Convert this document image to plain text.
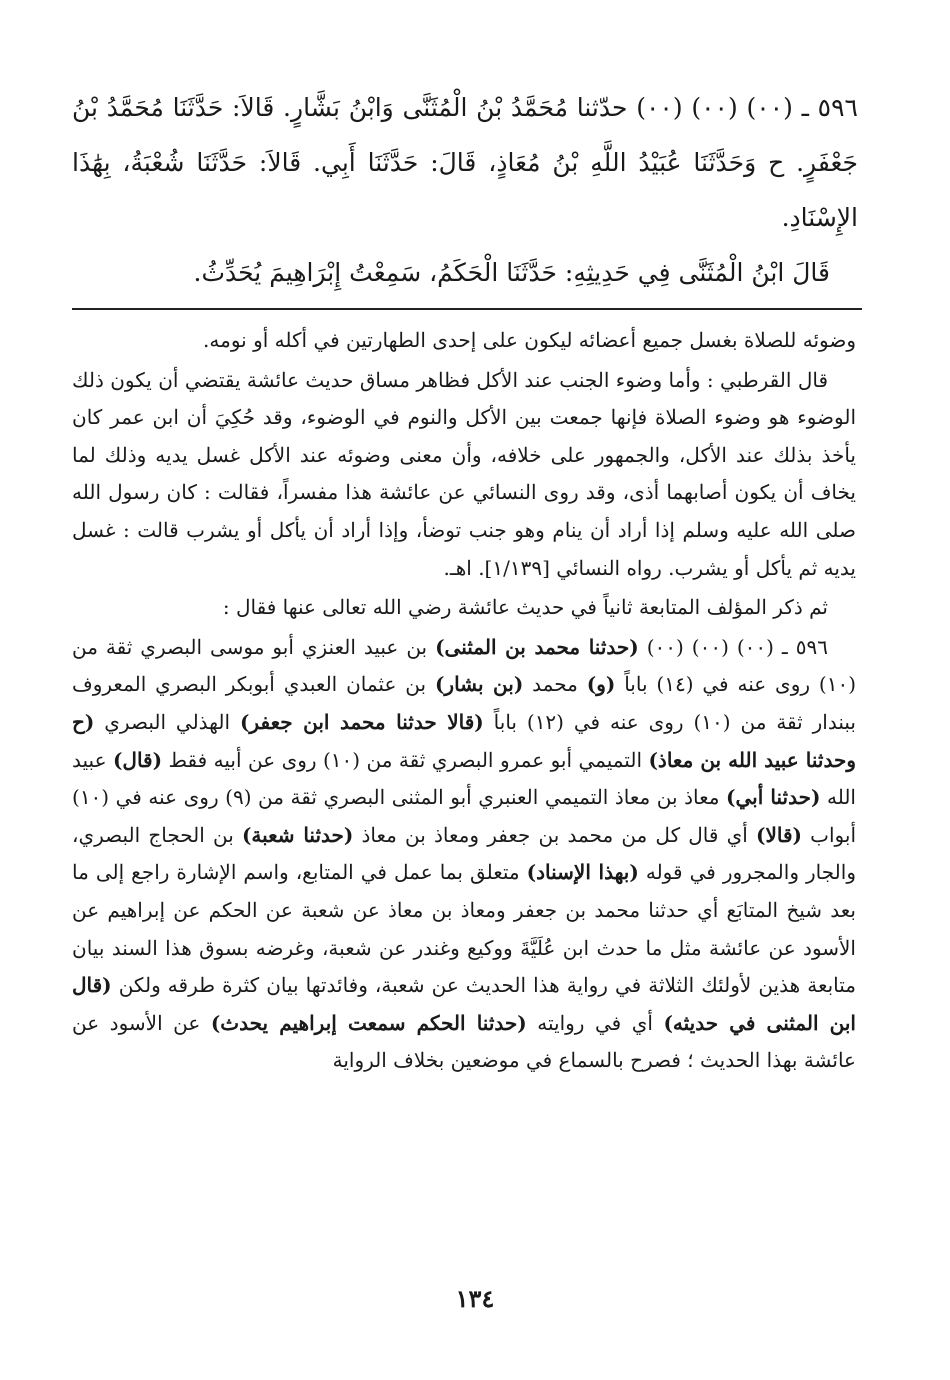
٥٩٦ ـ (٠٠) (٠٠) (٠٠) حدّثنا مُحَمَّدُ بْنُ الْمُثَنَّى وَابْنُ بَشَّارٍ. قَالاَ: حَدَّثَنَا مُحَمَّدُ بْنُ جَعْفَرٍ. ح وَحَدَّثَنَا عُبَيْدُ اللَّهِ بْنُ مُعَاذٍ، قَالَ: حَدَّثَنَا أَبِي. قَالاَ: حَدَّثَنَا شُعْبَةُ، بِهَٰذَا الإِسْنَادِ.

قَالَ ابْنُ الْمُثَنَّى فِي حَدِيثِهِ: حَدَّثَنَا الْحَكَمُ، سَمِعْتُ إِبْرَاهِيمَ يُحَدِّثُ.

وضوئه للصلاة بغسل جميع أعضائه ليكون على إحدى الطهارتين في أكله أو نومه.

قال القرطبي : وأما وضوء الجنب عند الأكل فظاهر مساق حديث عائشة يقتضي أن يكون ذلك الوضوء هو وضوء الصلاة فإنها جمعت بين الأكل والنوم في الوضوء، وقد حُكِيَ أن ابن عمر كان يأخذ بذلك عند الأكل، والجمهور على خلافه، وأن معنى وضوئه عند الأكل غسل يديه وذلك لما يخاف أن يكون أصابهما أذى، وقد روى النسائي عن عائشة هذا مفسراً، فقالت : كان رسول الله صلى الله عليه وسلم إذا أراد أن ينام وهو جنب توضأ، وإذا أراد أن يأكل أو يشرب قالت : غسل يديه ثم يأكل أو يشرب. رواه النسائي [١/١٣٩]. اهـ.

ثم ذكر المؤلف المتابعة ثانياً في حديث عائشة رضي الله تعالى عنها فقال :

٥٩٦ ـ (٠٠) (٠٠) (٠٠) (حدثنا محمد بن المثنى) بن عبيد العنزي أبو موسى البصري ثقة من (١٠) روى عنه في (١٤) باباً (و) محمد (بن بشار) بن عثمان العبدي أبوبكر البصري المعروف ببندار ثقة من (١٠) روى عنه في (١٢) باباً (قالا حدثنا محمد ابن جعفر) الهذلي البصري (ح وحدثنا عبيد الله بن معاذ) التميمي أبو عمرو البصري ثقة من (١٠) روى عن أبيه فقط (قال) عبيد الله (حدثنا أبي) معاذ بن معاذ التميمي العنبري أبو المثنى البصري ثقة من (٩) روى عنه في (١٠) أبواب (قالا) أي قال كل من محمد بن جعفر ومعاذ بن معاذ (حدثنا شعبة) بن الحجاج البصري، والجار والمجرور في قوله (بهذا الإسناد) متعلق بما عمل في المتابع، واسم الإشارة راجع إلى ما بعد شيخ المتابَع أي حدثنا محمد بن جعفر ومعاذ بن معاذ عن شعبة عن الحكم عن إبراهيم عن الأسود عن عائشة مثل ما حدث ابن عُلَيَّةَ ووكيع وغندر عن شعبة، وغرضه بسوق هذا السند بيان متابعة هذين لأولئك الثلاثة في رواية هذا الحديث عن شعبة، وفائدتها بيان كثرة طرقه ولكن (قال ابن المثنى في حديثه) أي في روايته (حدثنا الحكم سمعت إبراهيم يحدث) عن الأسود عن عائشة بهذا الحديث ؛ فصرح بالسماع في موضعين بخلاف الرواية

١٣٤
